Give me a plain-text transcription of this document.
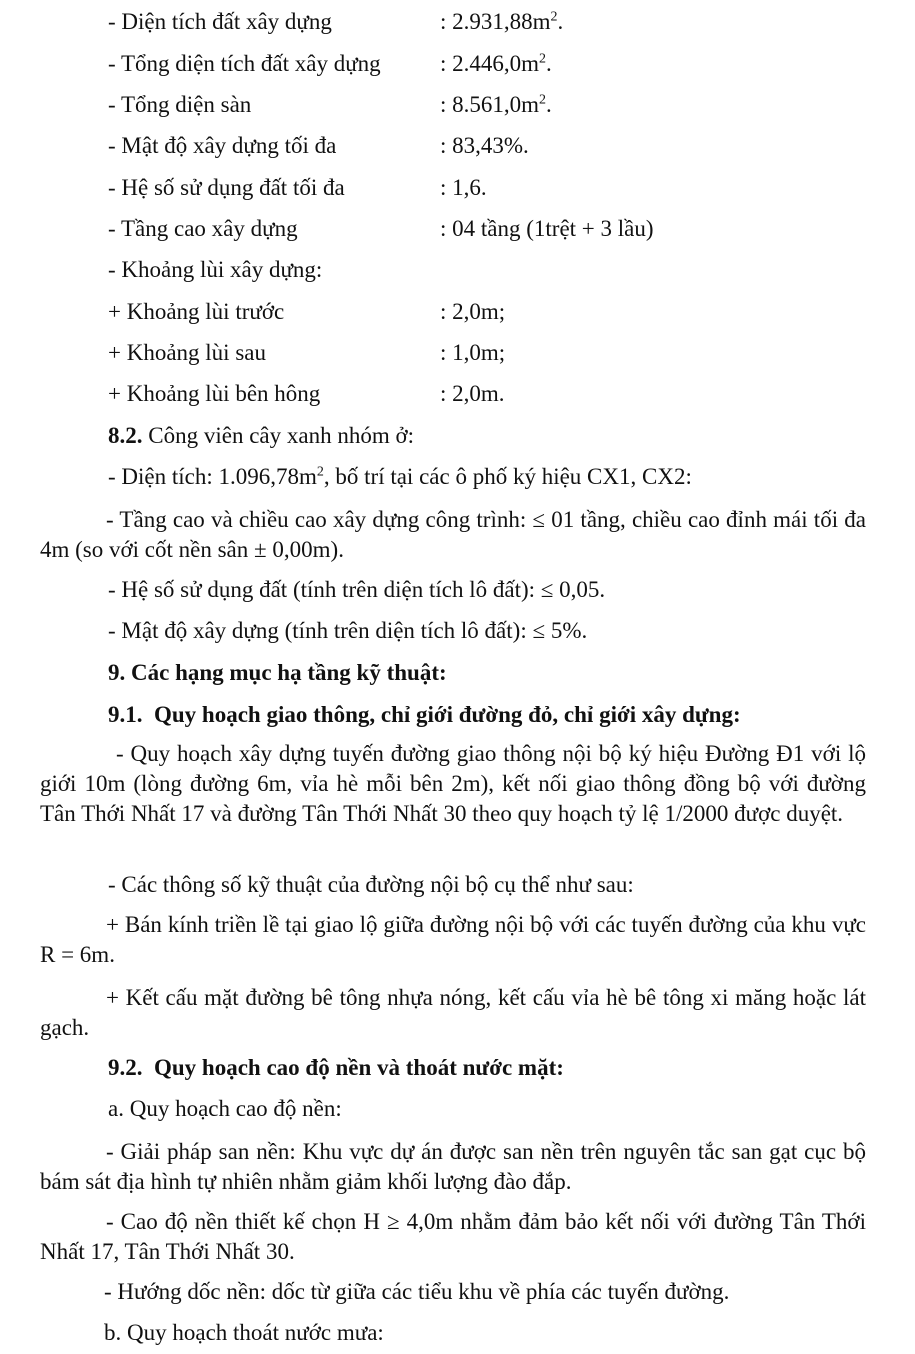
- Diện tích đất xây dựng	: $2.931,88m^2$.
- Tổng diện tích đất xây dựng	: $2.446,0m^2$.
- Tổng diện sàn	: $8.561,0m^2$.
- Mật độ xây dựng tối đa	: 83,43%.
- Hệ số sử dụng đất tối đa	: 1,6.
- Tầng cao xây dựng	: 04 tầng (1trệt + 3 lầu)
- Khoảng lùi xây dựng:
+ Khoảng lùi trước	: 2,0m;
+ Khoảng lùi sau	: 1,0m;
+ Khoảng lùi bên hông	: 2,0m.
8.2. Công viên cây xanh nhóm ở:
- Diện tích: $1.096,78m^2$, bố trí tại các ô phố ký hiệu CX1, CX2:

- Tầng cao và chiều cao xây dựng công trình: ≤ 01 tầng, chiều cao đỉnh mái tối đa 4m (so với cốt nền sân ± 0,00m).

- Hệ số sử dụng đất (tính trên diện tích lô đất): ≤ 0,05.
- Mật độ xây dựng (tính trên diện tích lô đất): ≤ 5%.
9. Các hạng mục hạ tầng kỹ thuật:
9.1.  Quy hoạch giao thông, chỉ giới đường đỏ, chỉ giới xây dựng:

- Quy hoạch xây dựng tuyến đường giao thông nội bộ ký hiệu Đường Đ1 với lộ giới 10m (lòng đường 6m, vỉa hè mỗi bên 2m), kết nối giao thông đồng bộ với đường Tân Thới Nhất 17 và đường Tân Thới Nhất 30 theo quy hoạch tỷ lệ 1/2000 được duyệt.

- Các thông số kỹ thuật của đường nội bộ cụ thể như sau:

+ Bán kính triền lề tại giao lộ giữa đường nội bộ với các tuyến đường của khu vực R = 6m.

+ Kết cấu mặt đường bê tông nhựa nóng, kết cấu vỉa hè bê tông xi măng hoặc lát gạch.

9.2.  Quy hoạch cao độ nền và thoát nước mặt:
a. Quy hoạch cao độ nền:

- Giải pháp san nền: Khu vực dự án được san nền trên nguyên tắc san gạt cục bộ bám sát địa hình tự nhiên nhằm giảm khối lượng đào đắp.

- Cao độ nền thiết kế chọn H ≥ 4,0m nhằm đảm bảo kết nối với đường Tân Thới Nhất 17, Tân Thới Nhất 30.

- Hướng dốc nền: dốc từ giữa các tiểu khu về phía các tuyến đường.
b. Quy hoạch thoát nước mưa:
